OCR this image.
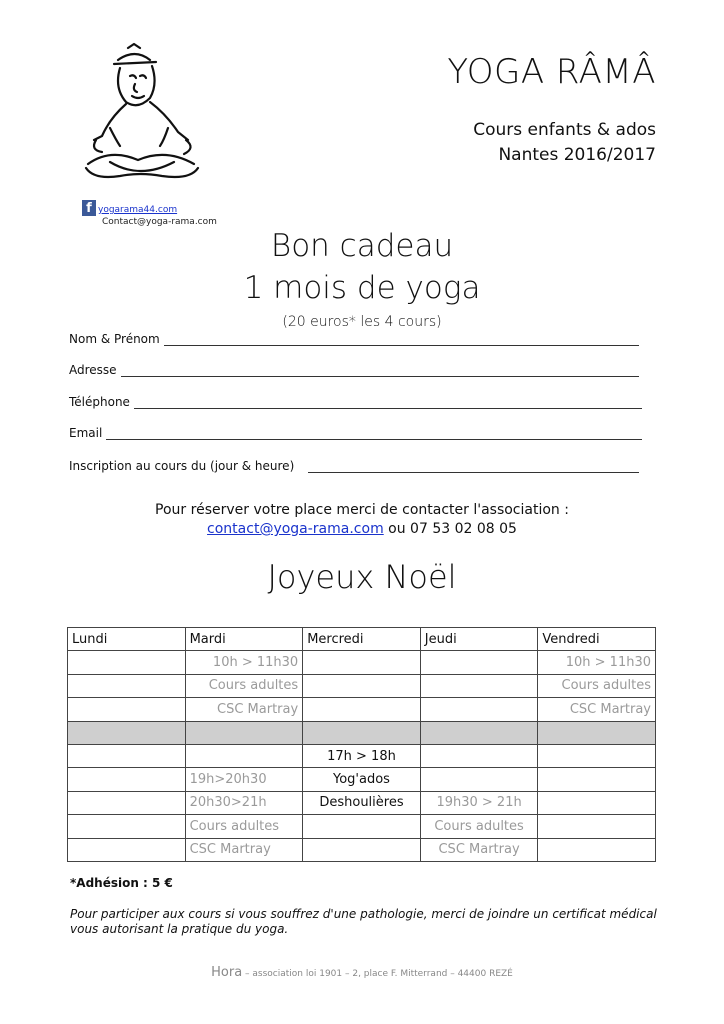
YOGA RÂMÂ
Cours enfants & ados
Nantes 2016/2017
f yogarama44.com
Contact@yoga-rama.com
Bon cadeau
1 mois de yoga
(20 euros* les 4 cours)
Nom & Prénom
Adresse
Téléphone
Email
Inscription au cours du (jour & heure)
Pour réserver votre place merci de contacter l'association :
contact@yoga-rama.com ou 07 53 02 08 05
Joyeux Noël
Lundi	Mardi	Mercredi	Jeudi	Vendredi
	10h > 11h30			10h > 11h30
	Cours adultes			Cours adultes
	CSC Martray			CSC Martray

		17h > 18h		
	19h>20h30	Yog'ados		
	20h30>21h	Deshoulières	19h30 > 21h	
	Cours adultes		Cours adultes	
	CSC Martray		CSC Martray	
*Adhésion : 5 €
Pour participer aux cours si vous souffrez d'une pathologie, merci de joindre un certificat médical
vous autorisant la pratique du yoga.
Hora – association loi 1901 – 2, place F. Mitterrand – 44400 REZÉ
